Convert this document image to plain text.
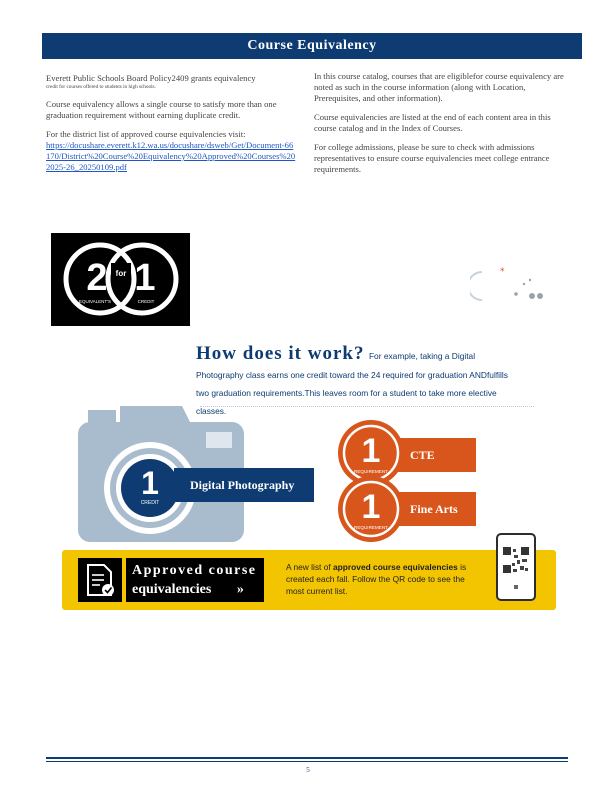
Course Equivalency

Everett Public Schools Board Policy2409 grants equivalency
credit for courses offered to students in high schools.

Course equivalency allows a single course to satisfy more than one graduation requirement without earning duplicate credit.

For the district list of approved course equivalencies visit:
https://docushare.everett.k12.wa.us/docushare/dsweb/Get/Document-66170/District%20Course%20Equivalency%20Approved%20Courses%202025-26_20250109.pdf

In this course catalog, courses that are eligiblefor course equivalency are noted as such in the course information (along with Location, Prerequisites, and other information).

Course equivalencies are listed at the end of each content area in this course catalog and in the Index of Courses.

For college admissions, please be sure to check with admissions representatives to ensure course equivalencies meet college entrance requirements.

2 1
for
EQUIVALENT'S	CREDIT
*
How does it work? For example, taking a Digital Photography class earns one credit toward the 24 required for graduation ANDfulfills two graduation requirements.This leaves room for a student to take more elective classes.
1
CREDIT
Digital Photography
CTE
1
REQUIREMENT
Fine Arts
1
REQUIREMENT
Approved course
equivalencies »
A new list of approved course equivalencies is created each fall. Follow the QR code to see the most current list.
5
